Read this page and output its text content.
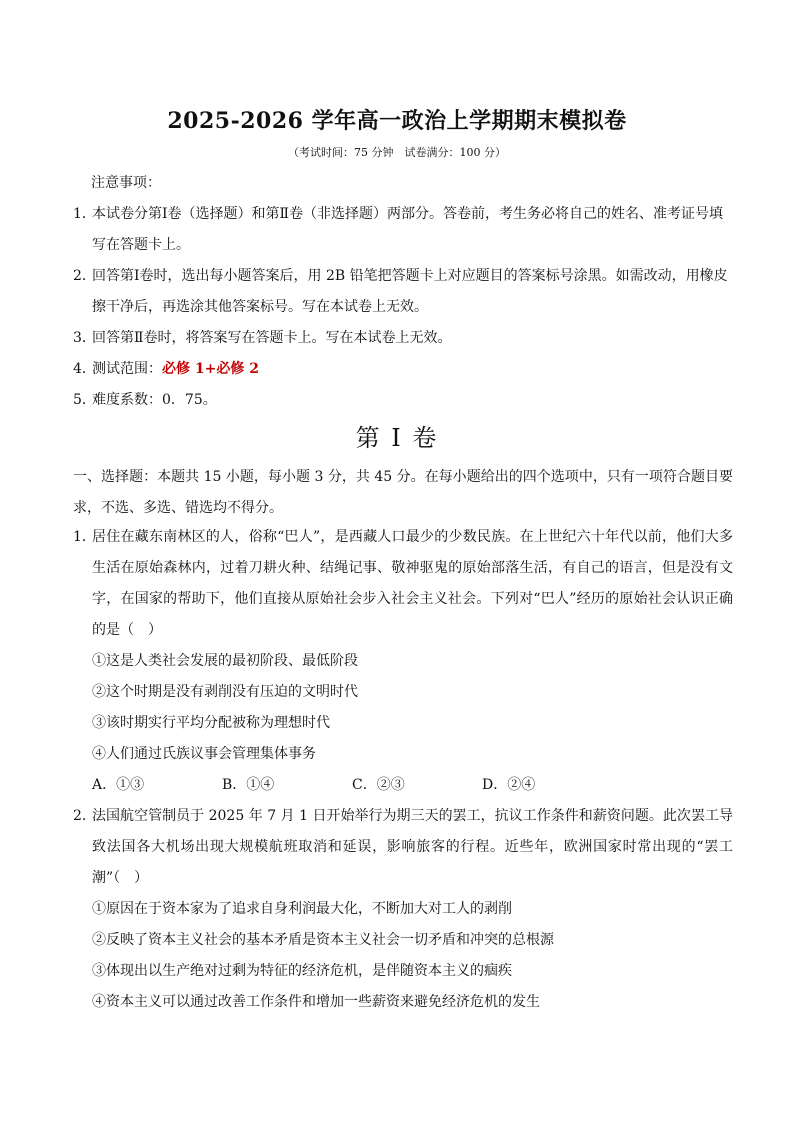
2025-2026 学年高一政治上学期期末模拟卷
（考试时间：75 分钟　试卷满分：100 分）
注意事项：
1．
本试卷分第Ⅰ卷（选择题）和第Ⅱ卷（非选择题）两部分。答卷前，考生务必将自己的姓名、准考证号填写在答题卡上。
2．
回答第Ⅰ卷时，选出每小题答案后，用 2B 铅笔把答题卡上对应题目的答案标号涂黑。如需改动，用橡皮擦干净后，再选涂其他答案标号。写在本试卷上无效。
3．
回答第Ⅱ卷时，将答案写在答题卡上。写在本试卷上无效。
4．
测试范围：必修 1+必修 2
5．
难度系数：0．75。
第 I 卷
一、选择题：本题共 15 小题，每小题 3 分，共 45 分。在每小题给出的四个选项中，只有一项符合题目要求，不选、多选、错选均不得分。
1．
居住在藏东南林区的人，俗称“巴人”，是西藏人口最少的少数民族。在上世纪六十年代以前，他们大多生活在原始森林内，过着刀耕火种、结绳记事、敬神驱鬼的原始部落生活，有自己的语言，但是没有文字，在国家的帮助下，他们直接从原始社会步入社会主义社会。下列对“巴人”经历的原始社会认识正确的是（　）
①这是人类社会发展的最初阶段、最低阶段
②这个时期是没有剥削没有压迫的文明时代
③该时期实行平均分配被称为理想时代
④人们通过氏族议事会管理集体事务
A．①③	B．①④	C．②③	D．②④
2．
法国航空管制员于 2025 年 7 月 1 日开始举行为期三天的罢工，抗议工作条件和薪资问题。此次罢工导致法国各大机场出现大规模航班取消和延误，影响旅客的行程。近些年，欧洲国家时常出现的“罢工潮”（　）
①原因在于资本家为了追求自身利润最大化，不断加大对工人的剥削
②反映了资本主义社会的基本矛盾是资本主义社会一切矛盾和冲突的总根源
③体现出以生产绝对过剩为特征的经济危机，是伴随资本主义的痼疾
④资本主义可以通过改善工作条件和增加一些薪资来避免经济危机的发生
